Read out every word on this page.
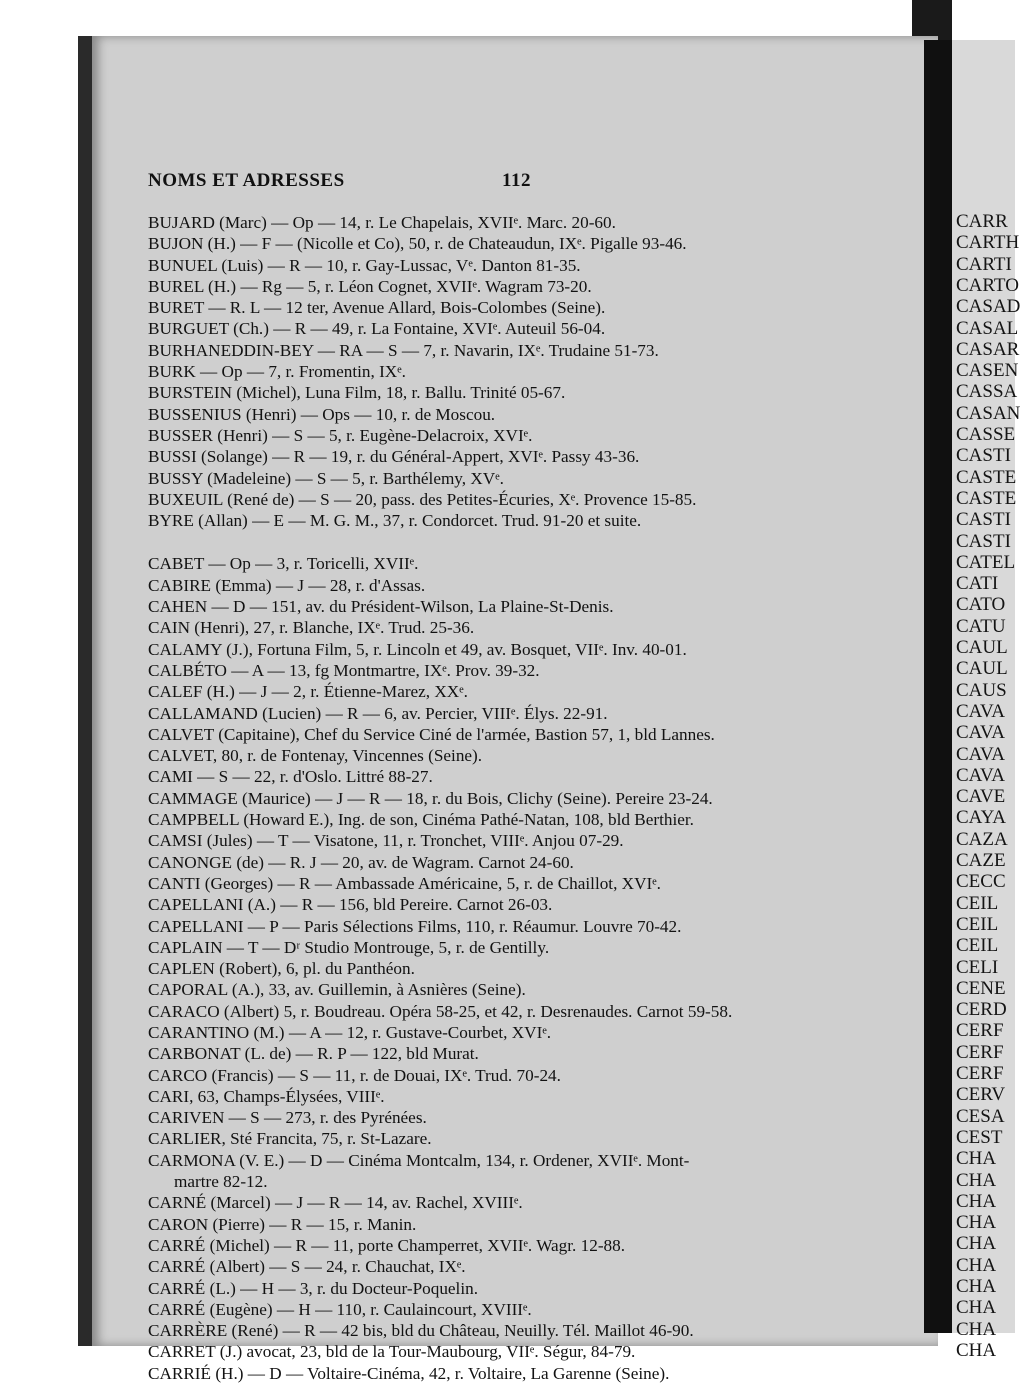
CARR
CARTH
CARTI
CARTO
CASAD
CASAL
CASAR
CASEN
CASSA
CASAN
CASSE
CASTI
CASTE
CASTE
CASTI
CASTI
CATEL
CATI
CATO
CATU
CAUL
CAUL
CAUS
CAVA
CAVA
CAVA
CAVA
CAVE
CAYA
CAZA
CAZE
CECC
CEIL
CEIL
CEIL
CELI
CENE
CERD
CERF
CERF
CERF
CERV
CESA
CEST
CHA
CHA
CHA
CHA
CHA
CHA
CHA
CHA
CHA
CHA
NOMS ET ADRESSES	112
BUJARD (Marc) — Op — 14, r. Le Chapelais, XVIIᵉ. Marc. 20-60.
BUJON (H.) — F — (Nicolle et Co), 50, r. de Chateaudun, IXᵉ. Pigalle 93-46.
BUNUEL (Luis) — R — 10, r. Gay-Lussac, Vᵉ. Danton 81-35.
BUREL (H.) — Rg — 5, r. Léon Cognet, XVIIᵉ. Wagram 73-20.
BURET — R. L — 12 ter, Avenue Allard, Bois-Colombes (Seine).
BURGUET (Ch.) — R — 49, r. La Fontaine, XVIᵉ. Auteuil 56-04.
BURHANEDDIN-BEY — RA — S — 7, r. Navarin, IXᵉ. Trudaine 51-73.
BURK — Op — 7, r. Fromentin, IXᵉ.
BURSTEIN (Michel), Luna Film, 18, r. Ballu. Trinité 05-67.
BUSSENIUS (Henri) — Ops — 10, r. de Moscou.
BUSSER (Henri) — S — 5, r. Eugène-Delacroix, XVIᵉ.
BUSSI (Solange) — R — 19, r. du Général-Appert, XVIᵉ. Passy 43-36.
BUSSY (Madeleine) — S — 5, r. Barthélemy, XVᵉ.
BUXEUIL (René de) — S — 20, pass. des Petites-Écuries, Xᵉ. Provence 15-85.
BYRE (Allan) — E — M. G. M., 37, r. Condorcet. Trud. 91-20 et suite.
CABET — Op — 3, r. Toricelli, XVIIᵉ.
CABIRE (Emma) — J — 28, r. d'Assas.
CAHEN — D — 151, av. du Président-Wilson, La Plaine-St-Denis.
CAIN (Henri), 27, r. Blanche, IXᵉ. Trud. 25-36.
CALAMY (J.), Fortuna Film, 5, r. Lincoln et 49, av. Bosquet, VIIᵉ. Inv. 40-01.
CALBÉTO — A — 13, fg Montmartre, IXᵉ. Prov. 39-32.
CALEF (H.) — J — 2, r. Étienne-Marez, XXᵉ.
CALLAMAND (Lucien) — R — 6, av. Percier, VIIIᵉ. Élys. 22-91.
CALVET (Capitaine), Chef du Service Ciné de l'armée, Bastion 57, 1, bld Lannes.
CALVET, 80, r. de Fontenay, Vincennes (Seine).
CAMI — S — 22, r. d'Oslo. Littré 88-27.
CAMMAGE (Maurice) — J — R — 18, r. du Bois, Clichy (Seine). Pereire 23-24.
CAMPBELL (Howard E.), Ing. de son, Cinéma Pathé-Natan, 108, bld Berthier.
CAMSI (Jules) — T — Visatone, 11, r. Tronchet, VIIIᵉ. Anjou 07-29.
CANONGE (de) — R. J — 20, av. de Wagram. Carnot 24-60.
CANTI (Georges) — R — Ambassade Américaine, 5, r. de Chaillot, XVIᵉ.
CAPELLANI (A.) — R — 156, bld Pereire. Carnot 26-03.
CAPELLANI — P — Paris Sélections Films, 110, r. Réaumur. Louvre 70-42.
CAPLAIN — T — Dʳ Studio Montrouge, 5, r. de Gentilly.
CAPLEN (Robert), 6, pl. du Panthéon.
CAPORAL (A.), 33, av. Guillemin, à Asnières (Seine).
CARACO (Albert) 5, r. Boudreau. Opéra 58-25, et 42, r. Desrenaudes. Carnot 59-58.
CARANTINO (M.) — A — 12, r. Gustave-Courbet, XVIᵉ.
CARBONAT (L. de) — R. P — 122, bld Murat.
CARCO (Francis) — S — 11, r. de Douai, IXᵉ. Trud. 70-24.
CARI, 63, Champs-Élysées, VIIIᵉ.
CARIVEN — S — 273, r. des Pyrénées.
CARLIER, Sté Francita, 75, r. St-Lazare.
CARMONA (V. E.) — D — Cinéma Montcalm, 134, r. Ordener, XVIIᵉ. Mont-
martre 82-12.
CARNÉ (Marcel) — J — R — 14, av. Rachel, XVIIIᵉ.
CARON (Pierre) — R — 15, r. Manin.
CARRÉ (Michel) — R — 11, porte Champerret, XVIIᵉ. Wagr. 12-88.
CARRÉ (Albert) — S — 24, r. Chauchat, IXᵉ.
CARRÉ (L.) — H — 3, r. du Docteur-Poquelin.
CARRÉ (Eugène) — H — 110, r. Caulaincourt, XVIIIᵉ.
CARRÈRE (René) — R — 42 bis, bld du Château, Neuilly. Tél. Maillot 46-90.
CARRET (J.) avocat, 23, bld de la Tour-Maubourg, VIIᵉ. Ségur, 84-79.
CARRIÉ (H.) — D — Voltaire-Cinéma, 42, r. Voltaire, La Garenne (Seine).
